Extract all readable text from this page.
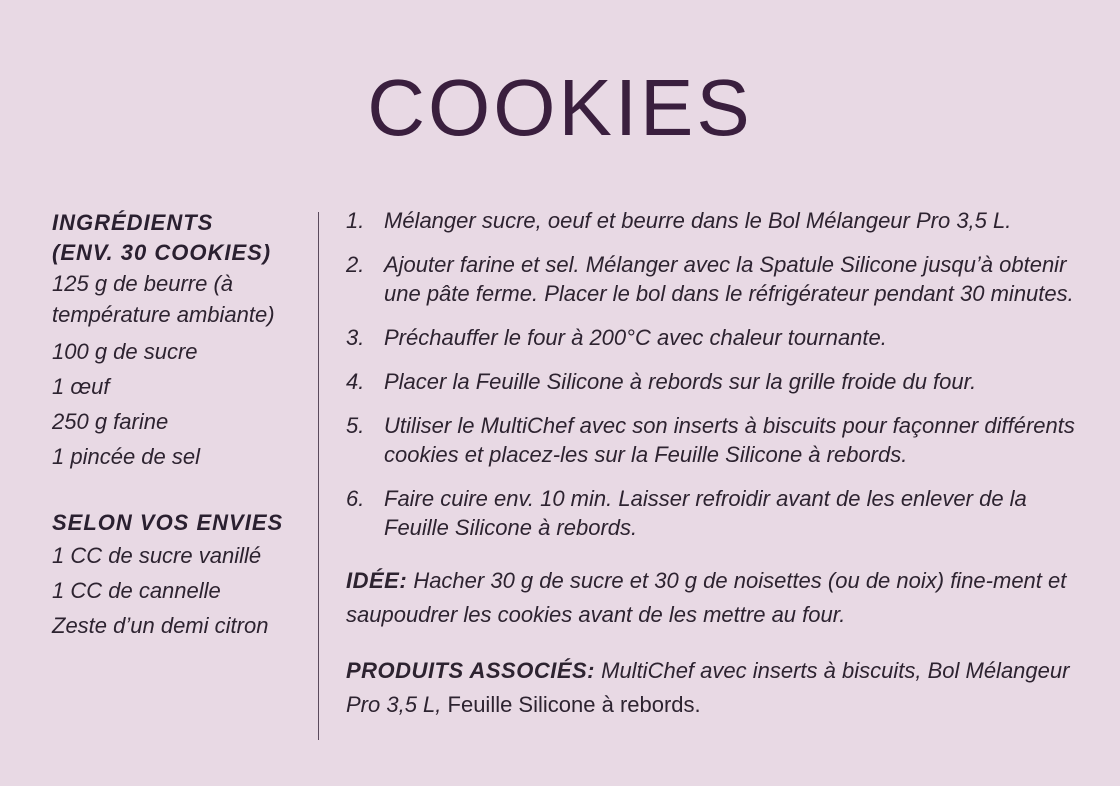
COOKIES
INGRÉDIENTS
(ENV. 30 COOKIES)
125 g de beurre (à température ambiante)
100 g de sucre
1 œuf
250 g farine
1 pincée de sel
SELON VOS ENVIES
1 CC de sucre vanillé
1 CC de cannelle
Zeste d’un demi citron
1. Mélanger sucre, oeuf et beurre dans le Bol Mélangeur Pro 3,5 L.
2. Ajouter farine et sel. Mélanger avec la Spatule Silicone jusqu’à obtenir une pâte ferme. Placer le bol dans le réfrigérateur pendant 30 minutes.
3. Préchauffer le four à 200°C avec chaleur tournante.
4. Placer la Feuille Silicone à rebords sur la grille froide du four.
5. Utiliser le MultiChef avec son inserts à biscuits pour façonner différents cookies et placez-les sur la Feuille Silicone à rebords.
6. Faire cuire env. 10 min. Laisser refroidir avant de les enlever de la Feuille Silicone à rebords.
IDÉE: Hacher 30 g de sucre et 30 g de noisettes (ou de noix) fine-ment et saupoudrer les cookies avant de les mettre au four.
PRODUITS ASSOCIÉS: MultiChef avec inserts à biscuits, Bol Mélangeur Pro 3,5 L, Feuille Silicone à rebords.
